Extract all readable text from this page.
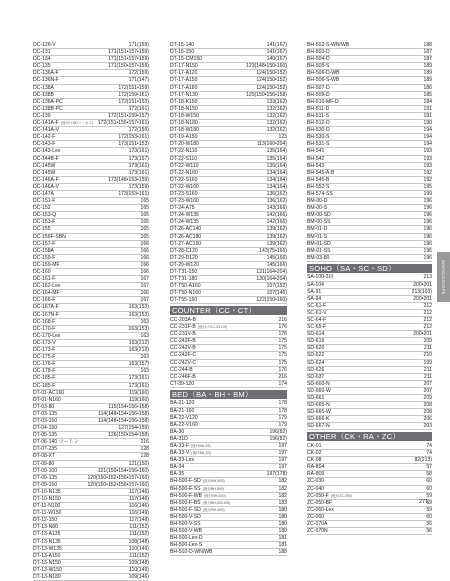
DC-126-V	171(159)
DC-131	171(151•157•159)
DC-134	171(151•157•159)
DC-135	171(150•157•159)
DC-136A-F	172(159)
DC-136N-F	171(147)
DC-138A	172(151•159)
DC-138B	172(159•161)
DC-138A-PC	172(151•153)
DC-138B-PC	172(161)
DC-139	172(151•159•157)
DC-141A-F (後付けHDハーネス) 172(151•155•157•161)
DC-141A-V	172(159)
DC-142-F	172(153•161)
DC-143-F	173(151•153)
DC-143-Lex	173(161)
DC-144B-F	173(157)
DC-145W	173(161)
DC-145W	173(161)
DC-146A-F	173(148•153•159)
DC-146A-V	173(159)
DC-147A	173(153•161)
DC-151-F	165
DC-152	165
DC-153-Q	165
DC-153-F	165
DC-155	165
DC-156F-SBN	165
DC-157-F	166
DC-158A	166
DC-159-F	166
DC-159-MF	166
DC-160	166
DC-161-F	167
DC-162-Lex	167
DC-164-MF	166
DC-166-F	167
DC-167A-F	163(153)
DC-167N-F	163(153)
DC-168-F	163
DC-170-F	163(153)
DC-170-Lex	163
DC-173-V	163(212)
DC-173-F	163(212)
DC-175-F	163
DC-176-F	163(157)
DC-178-F	163
DC-185-F	173(161)
DC-185-F	173(161)
DT-01-AC160	119(160)
DT-01-N160	119(160)
DT-03-80	115(154•156•158)
DT-03-135	114(148•154•156•158)
DT-03-150	114(148•154•156•158)
DT-04-150	127(154•159)
DT-05-135	126(150•154•158)
DT-06-140 ツートン	216
DT-07-235	128
DT-08-XT	128
DT-09-80	121(150)
DT-09-100	121(150•154•156•160)
DT-09-135	120(150•152•156•157•160)
DT-09-150	120(150•152•156•157•160)
DT-10-N135	117(146)
DT-10-N150	117(146)
DT-11-N100	116(146)
DT-11-W150	116(149)
DT-12-150	117(148)
DT-13-N80	111(152)
DT-13-A135	111(152)
DT-13-N135	108(148)
DT-13-W135	110(149)
DT-13-A150	111(152)
DT-13-N150	109(148)
DT-13-W150	110(149)
DT-13-N180	109(146)
DT-15-140	141(167)
DT-15-150	141(167)
DT-15-CM150	140(167)
DT-17-N150	123(148•150•160)
DT-17-A120	124(150•152)
DT-17-A150	124(150•152)
DT-17-A180	124(150•152)
DT-17-N130	125(150•156•158)
DT-18-K150	133(162)
DT-18-N150	132(162)
DT-18-W150	132(162)
DT-18-N180	132(162)
DT-18-W180	132(162)
DT-19-A150	123
DT-20-W180	113(160•204)
DT-22-N110	135(164)
DT-22-S110	135(164)
DT-22-W110	135(164)
DT-22-N160	134(164)
DT-22-S160	134(164)
DT-22-W160	134(164)
DT-23-S160	136(162)
DT-23-W160	136(162)
DT-24-A75	143(166)
DT-24-W135	142(166)
DT-24-W135	142(166)
DT-26-AC140	139(162)
DT-26-AC180	139(162)
DT-27-AC150	139(162)
DT-28-C120	143(75•166)
DT-29-D120	145(166)
DT-29-W120	145(166)
DT-T31-150	131(164•204)
DT-T31-180	130(164•204)
DT-T50-A160	107(152)
DT-T50-N160	107(146)
DT-T55-150	122(150•160)
COUNTER（CC・CT）
CC-203A-B	216
CC-231F-B (後付けCC-231-B)	176
CC-231V-B	176
CC-242F-B	175
CC-242V-B	175
CC-242F-C	175
CC-242V-C	175
CC-244-B	176
CC-246F-B	216
CT-39-120	174
BED（BA・BH・BM）
BA-21-120	178
BA-21-160	178
BA-22-V120	179
BA-22-V160	179
BA-30	196(82)
BA-31D	196(82)
BA-33-F (後付BA-33)	197
BA-33-V (後付BA-33)	197
BA-33-Lex	197
BA-34	197
BA-35	197(178)
BH-500-F-SD (後付BH-500)	182
BH-500-F-SS (後付BH-500)	182
BH-500-F-WB (後付BH-500)	182
BH-500-F-BS (後付BH-500-BS)	183
BH-500-F-SD (後付BH-500)	180
BH-500-V-SD	180
BH-500-V-SS	180
BH-500-V-WB	180
BH-500-Lex-D	181
BH-500-Lex-S	181
BH-502-D-WN/WB	188
BH-502-S-WN/WB	188
BH-503-D	187
BH-504-D	187
BH-505-S	189
BH-506-D-WB	189
BH-506-S-WB	189
BH-507-D	186
BH-509-D	185
BH-510-MF-D	184
BH-511-D	191
BH-511-S	191
BH-512-D	190
BH-530-D	194
BH-530-S	194
BH-531-S	194
BH-541	193
BH-542	193
BH-543	193
BH-545-A-B	192
BH-545-B	192
BH-552-S	195
BH-574-SS	199
BM-00-D	196
BM-00-S	196
BM-00-SD	196
BM-00-SS	196
BM-01-D	196
BM-01-S	196
BM-01-SD	196
BM-01-SS	196
BM-03-80	196
SOHO（SA・SC・SD）
SA-100-3段	213
SA-104	200•201
SA-91	213(103)
SA-94	200•201
SC-61-F	212
SC-61-V	212
SC-64-F	212
SC-65-F	212
SD-614	200•201
SD-616	209
SD-620	211
SD-622	210
SD-624	199
SD-626	211
SD-637	211
SD-660-N	207
SD-660-W	207
SD-661	209
SD-665-N	208
SD-665-W	208
SD-666-K	206
SD-667-N	203
OTHER（CK・RA・ZC）
CK-01	74
CK-02	74
CK-08	82(213)
RA-804	57
RA-809	58
ZC-030	60
ZC-040	60
ZC-050-F (後付ZC-050)	59
ZC-050-BF	59
ZC-060-Lex	59
ZC-060	60
ZC-070A	56
ZC-070N	56
BRONCOSKOPE
271
